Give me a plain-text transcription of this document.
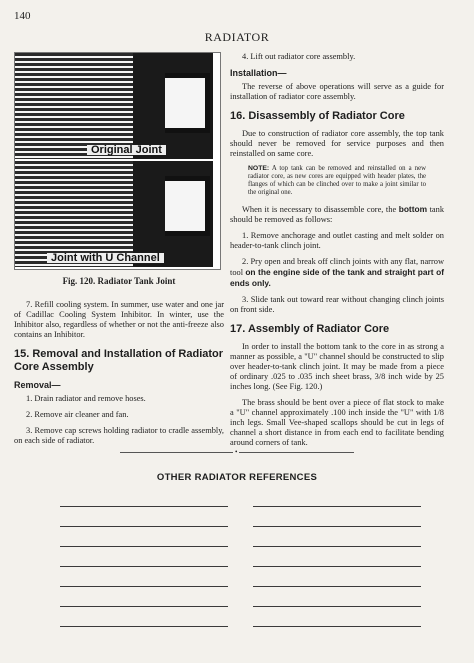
140
RADIATOR
Original Joint
Joint with U Channel
Fig. 120. Radiator Tank Joint

7. Refill cooling system. In summer, use water and one jar of Cadillac Cooling System Inhibitor. In winter, use the Inhibitor also, regardless of whether or not the anti-freeze also contains an Inhibitor.

15. Removal and Installation of Radiator Core Assembly
Removal—

1. Drain radiator and remove hoses.

2. Remove air cleaner and fan.

3. Remove cap screws holding radiator to cradle assembly, on each side of radiator.

4. Lift out radiator core assembly.

Installation—

The reverse of above operations will serve as a guide for installation of radiator core assembly.

16. Disassembly of Radiator Core

Due to construction of radiator core assembly, the top tank should never be removed for service purposes and then reinstalled on same core.

NOTE: A top tank can be removed and reinstalled on a new radiator core, as new cores are equipped with header plates, the flanges of which can be clinched over to make a joint similar to the original one.

When it is necessary to disassemble core, the bottom tank should be removed as follows:

1. Remove anchorage and outlet casting and melt solder on header-to-tank clinch joint.

2. Pry open and break off clinch joints with any flat, narrow tool on the engine side of the tank and straight part of ends only.

3. Slide tank out toward rear without changing clinch joints on front side.

17. Assembly of Radiator Core

In order to install the bottom tank to the core in as strong a manner as possible, a "U" channel should be constructed to slip over header-to-tank clinch joint. It may be made from a piece of ordinary .025 to .035 inch sheet brass, 3/8 inch wide by 25 inches long. (See Fig. 120.)

The brass should be bent over a piece of flat stock to make a "U" channel approximately .100 inch inside the "U" with 1/8 inch legs. Small Vee-shaped scallops should be cut in legs of channel a short distance in from each end to facilitate bending around corners of tank.

•
OTHER RADIATOR REFERENCES
